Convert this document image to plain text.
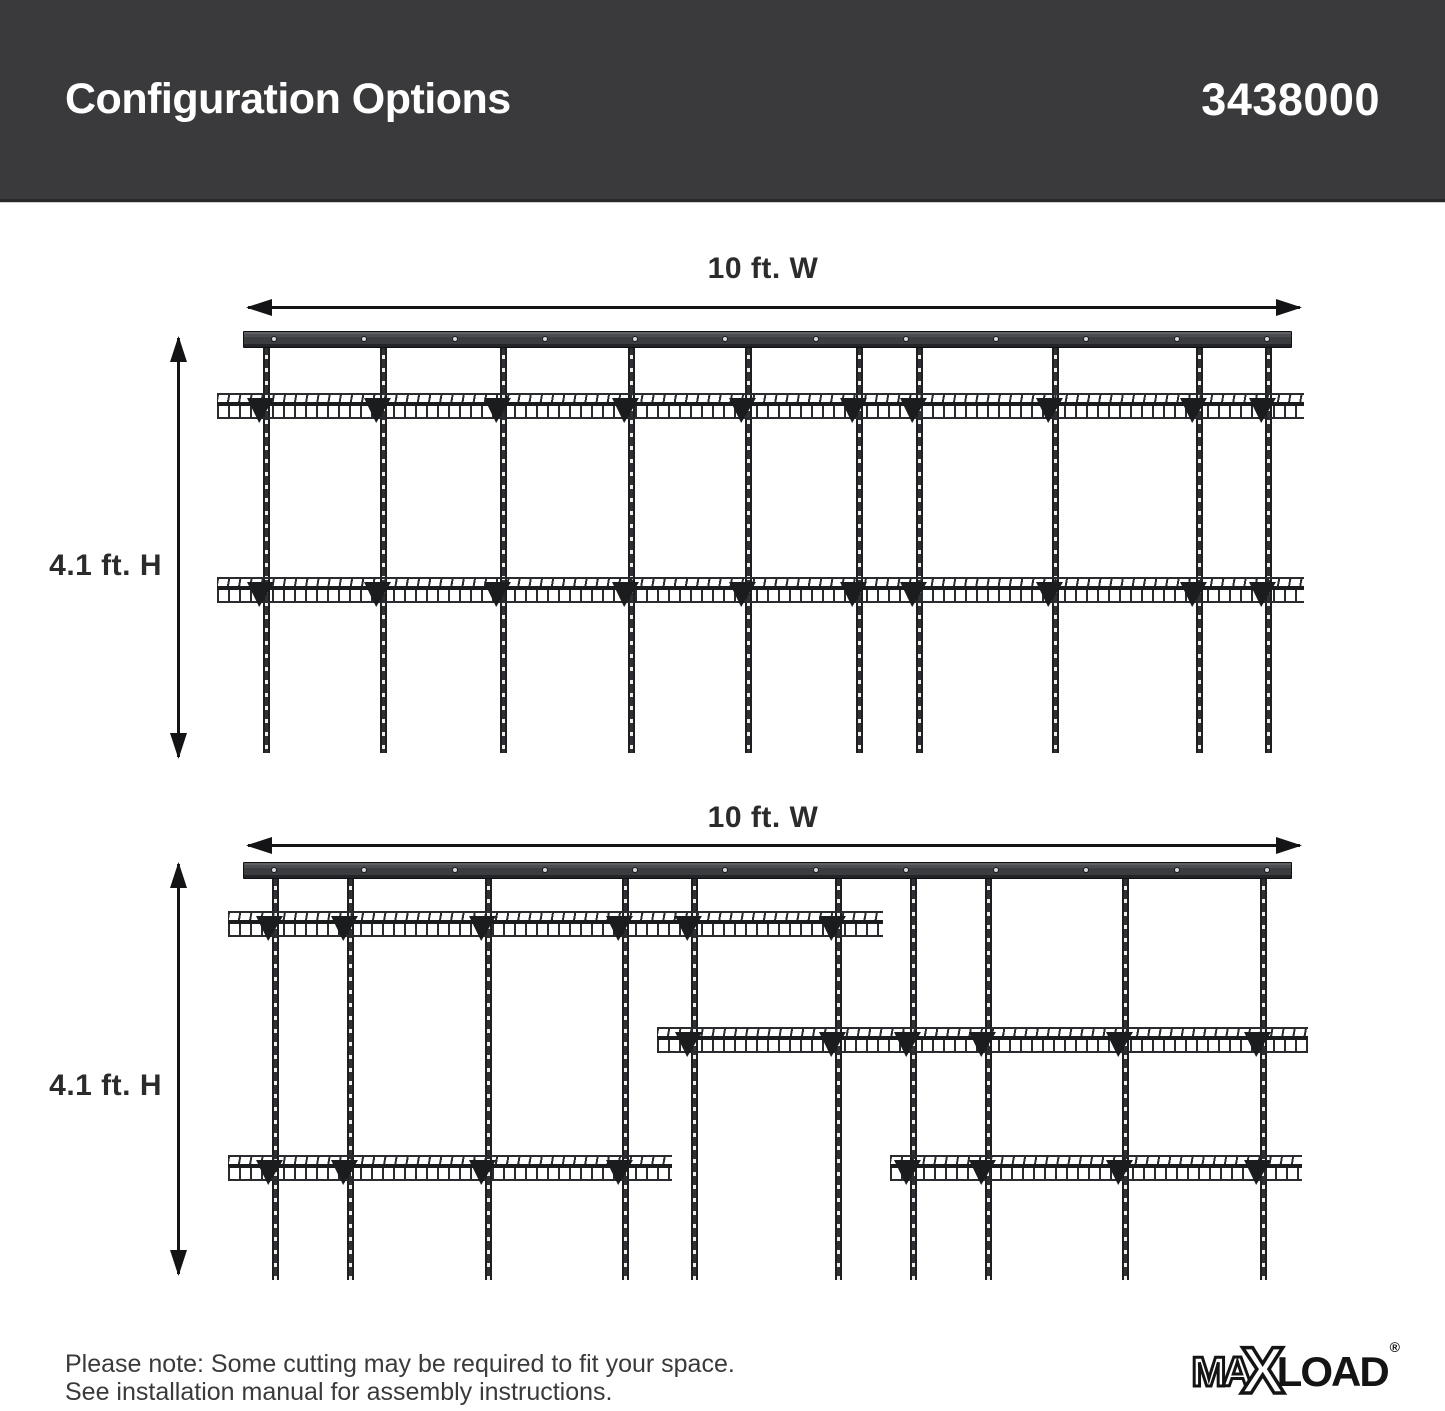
Configuration Options	3438000
10 ft. W
4.1 ft. H
10 ft. W
4.1 ft. H
Please note: Some cutting may be required to fit your space.
See installation manual for assembly instructions.	MA
X
LOAD
®
